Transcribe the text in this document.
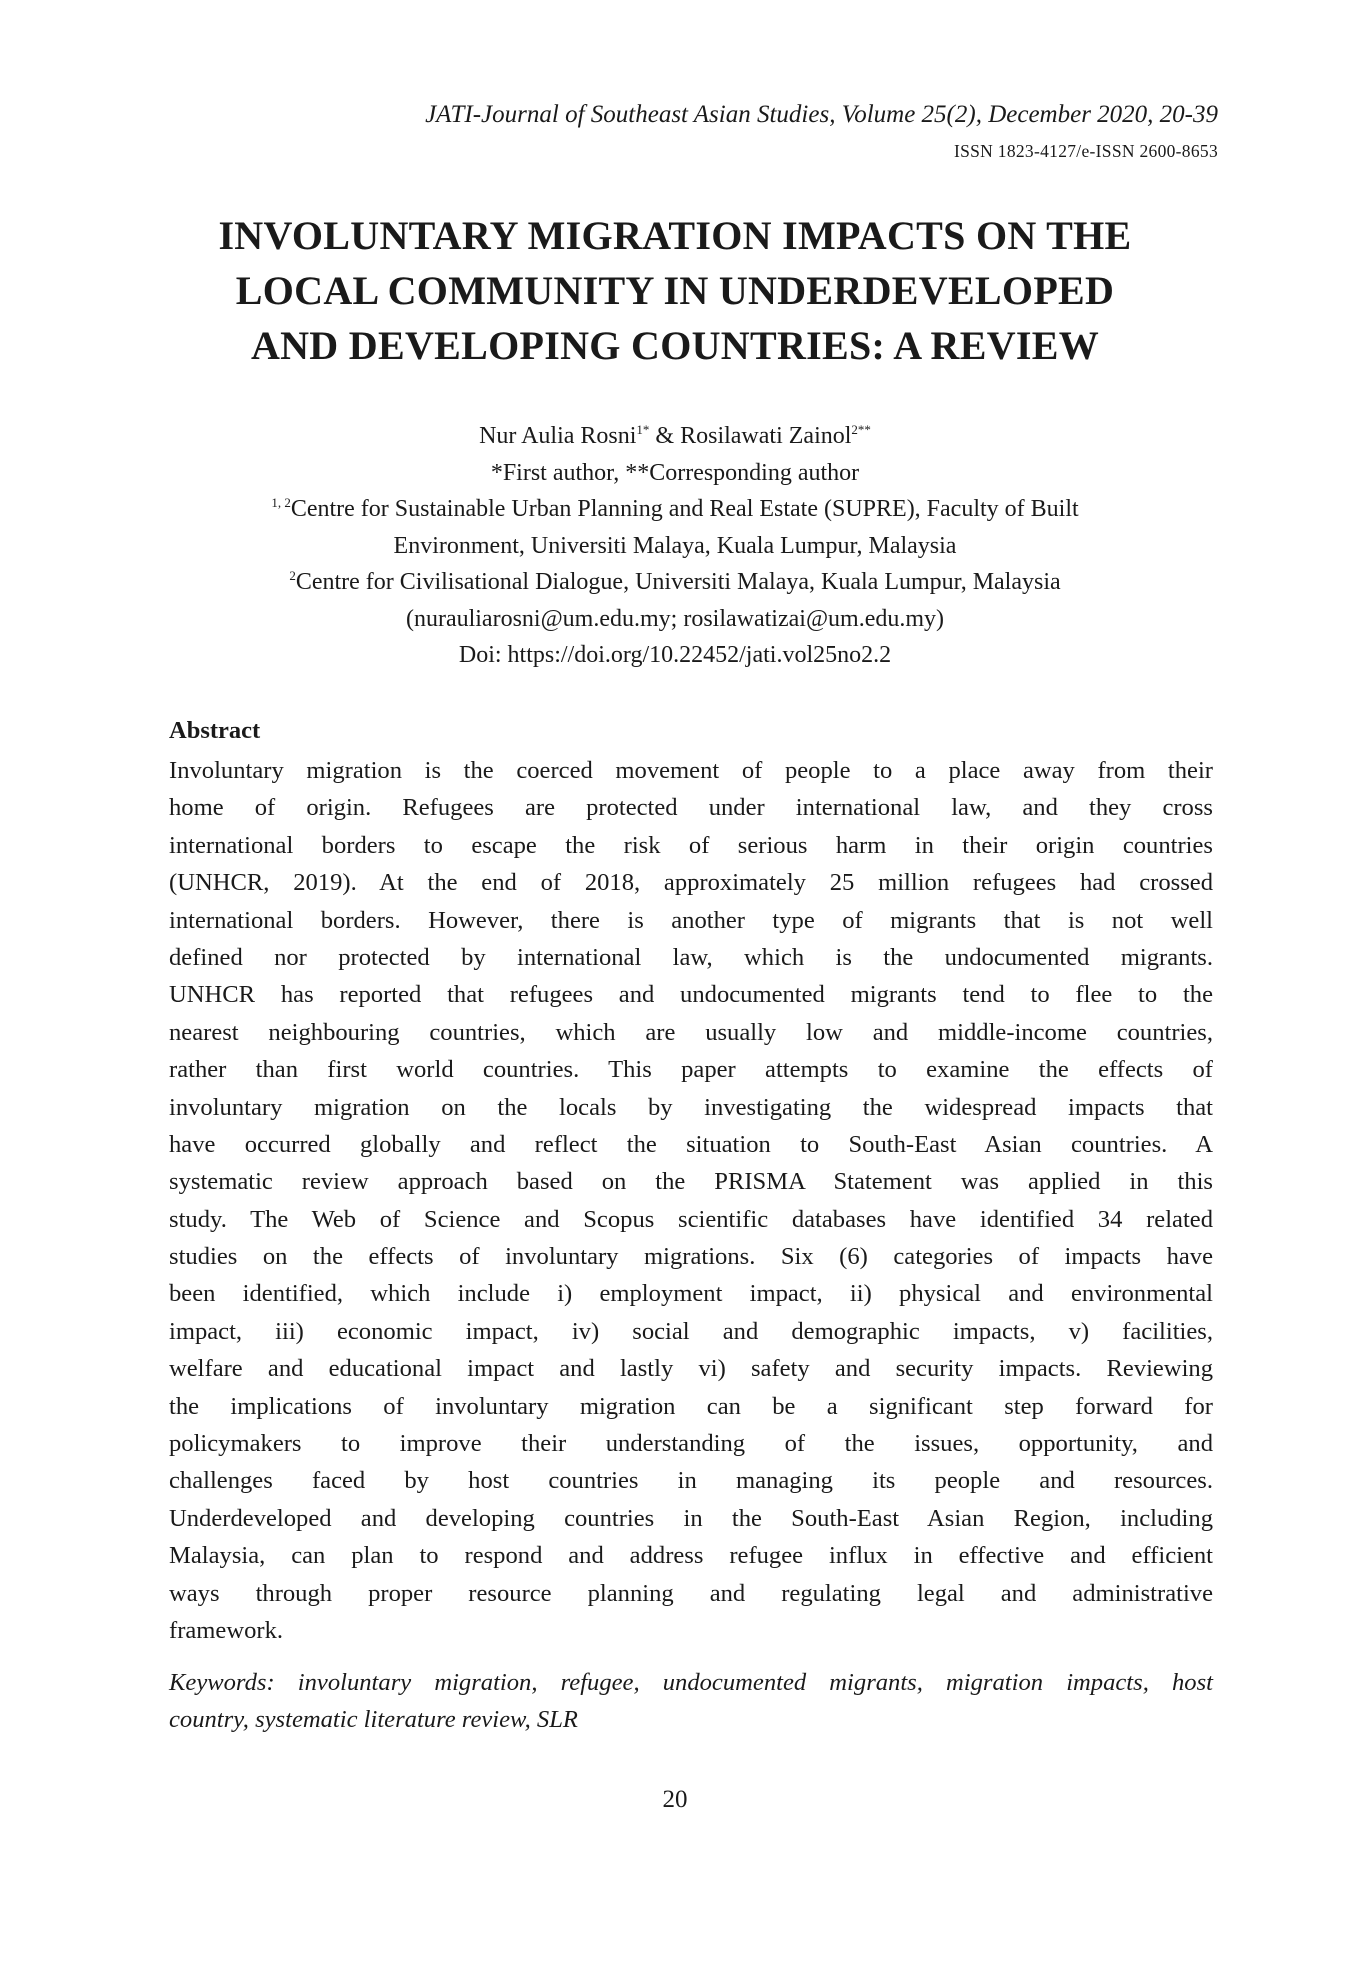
JATI-Journal of Southeast Asian Studies, Volume 25(2), December 2020, 20-39
ISSN 1823-4127/e-ISSN 2600-8653
INVOLUNTARY MIGRATION IMPACTS ON THE
LOCAL COMMUNITY IN UNDERDEVELOPED
AND DEVELOPING COUNTRIES: A REVIEW
Nur Aulia Rosni$^{1*}$ & Rosilawati Zainol$^{2**}$
*First author, **Corresponding author
$^{1, 2}$Centre for Sustainable Urban Planning and Real Estate (SUPRE), Faculty of Built
Environment, Universiti Malaya, Kuala Lumpur, Malaysia
$^2$Centre for Civilisational Dialogue, Universiti Malaya, Kuala Lumpur, Malaysia
(nurauliarosni@um.edu.my; rosilawatizai@um.edu.my)
Doi: https://doi.org/10.22452/jati.vol25no2.2
Abstract
Involuntary migration is the coerced movement of people to a place away from their
home of origin. Refugees are protected under international law, and they cross
international borders to escape the risk of serious harm in their origin countries
(UNHCR, 2019). At the end of 2018, approximately 25 million refugees had crossed
international borders. However, there is another type of migrants that is not well
defined nor protected by international law, which is the undocumented migrants.
UNHCR has reported that refugees and undocumented migrants tend to flee to the
nearest neighbouring countries, which are usually low and middle-income countries,
rather than first world countries. This paper attempts to examine the effects of
involuntary migration on the locals by investigating the widespread impacts that
have occurred globally and reflect the situation to South-East Asian countries. A
systematic review approach based on the PRISMA Statement was applied in this
study. The Web of Science and Scopus scientific databases have identified 34 related
studies on the effects of involuntary migrations. Six (6) categories of impacts have
been identified, which include i) employment impact, ii) physical and environmental
impact, iii) economic impact, iv) social and demographic impacts, v) facilities,
welfare and educational impact and lastly vi) safety and security impacts. Reviewing
the implications of involuntary migration can be a significant step forward for
policymakers to improve their understanding of the issues, opportunity, and
challenges faced by host countries in managing its people and resources.
Underdeveloped and developing countries in the South-East Asian Region, including
Malaysia, can plan to respond and address refugee influx in effective and efficient
ways through proper resource planning and regulating legal and administrative
framework.
Keywords: involuntary migration, refugee, undocumented migrants, migration impacts, host
country, systematic literature review, SLR
20
